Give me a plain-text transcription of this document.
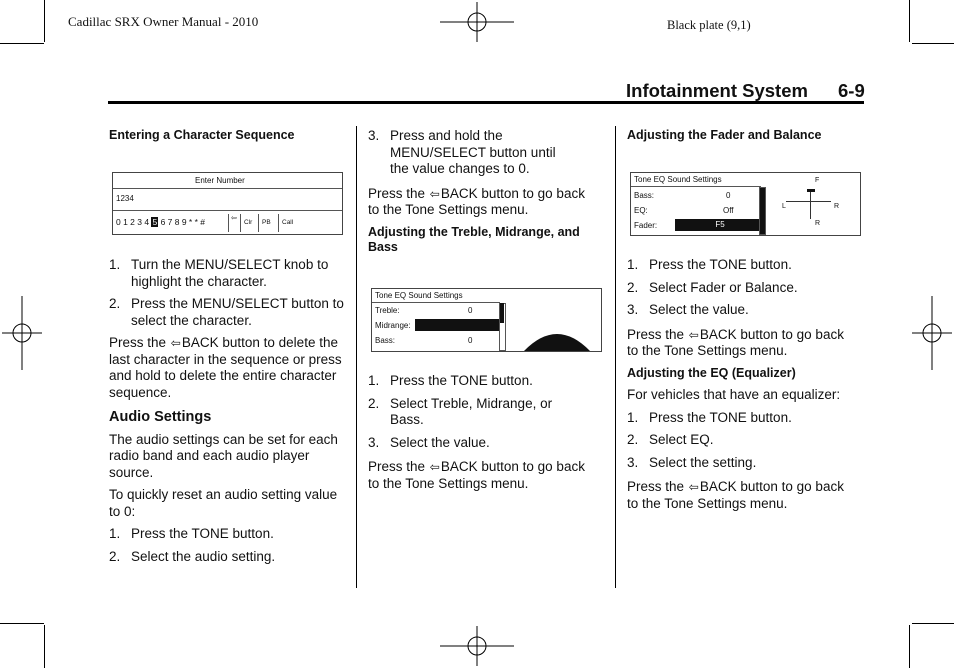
Cadillac SRX Owner Manual - 2010	Black plate (9,1)
Infotainment System 6-9
Entering a Character Sequence
Enter Number
1234
0 1 2 3 4 5 6 7 8 9 * * #	⇦
Clr	PB	Call
1. Turn the MENU/SELECT knob to highlight the character.
2. Press the MENU/SELECT button to select the character.
Press the ⇦BACK button to delete the last character in the sequence or press and hold to delete the entire character sequence.
Audio Settings
The audio settings can be set for each radio band and each audio player source.
To quickly reset an audio setting value to 0:
1. Press the TONE button.
2. Select the audio setting.
3. Press and hold the MENU/SELECT button until the value changes to 0.
Press the ⇦BACK button to go back to the Tone Settings menu.
Adjusting the Treble, Midrange, and Bass
Tone EQ Sound Settings
Treble:	0
Midrange:
Bass:	0
1. Press the TONE button.
2. Select Treble, Midrange, or Bass.
3. Select the value.
Press the ⇦BACK button to go back to the Tone Settings menu.
Adjusting the Fader and Balance
Tone EQ Sound Settings
Bass:	0
EQ:	Off
Fader:	F5
F
R
L	R
1. Press the TONE button.
2. Select Fader or Balance.
3. Select the value.
Press the ⇦BACK button to go back to the Tone Settings menu.
Adjusting the EQ (Equalizer)
For vehicles that have an equalizer:
1. Press the TONE button.
2. Select EQ.
3. Select the setting.
Press the ⇦BACK button to go back to the Tone Settings menu.
